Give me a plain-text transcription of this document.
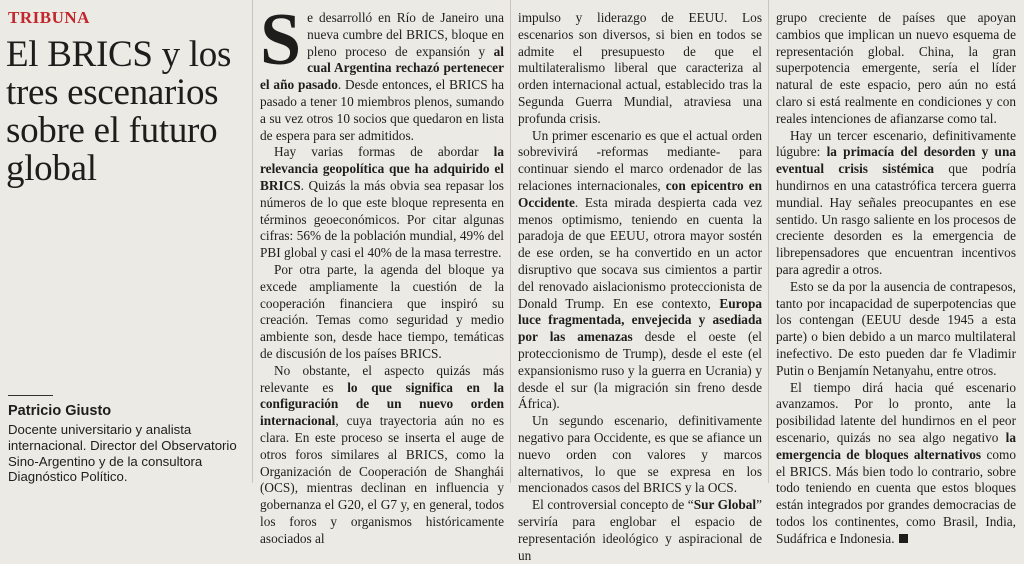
TRIBUNA
El BRICS y los tres escenarios sobre el futuro global
Patricio Giusto
Docente universitario y analista internacional. Director del Observatorio Sino-Argentino y de la consultora Diagnóstico Político.

Se desarrolló en Río de Janeiro una nueva cumbre del BRICS, bloque en pleno proceso de expansión y al cual Argentina rechazó pertenecer el año pasado. Desde entonces, el BRICS ha pasado a tener 10 miembros plenos, sumando a su vez otros 10 socios que quedaron en lista de espera para ser admitidos.

Hay varias formas de abordar la relevancia geopolítica que ha adquirido el BRICS. Quizás la más obvia sea repasar los números de lo que este bloque representa en términos geoeconómicos. Por citar algunas cifras: 56% de la población mundial, 49% del PBI global y casi el 40% de la masa terrestre.

Por otra parte, la agenda del bloque ya excede ampliamente la cuestión de la cooperación financiera que inspiró su creación. Temas como seguridad y medio ambiente son, desde hace tiempo, temáticas de discusión de los países BRICS.

No obstante, el aspecto quizás más relevante es lo que significa en la configuración de un nuevo orden internacional, cuya trayectoria aún no es clara. En este proceso se inserta el auge de otros foros similares al BRICS, como la Organización de Cooperación de Shanghái (OCS), mientras declinan en influencia y gobernanza el G20, el G7 y, en general, todos los foros y organismos históricamente asociados al

impulso y liderazgo de EEUU. Los escenarios son diversos, si bien en todos se admite el presupuesto de que el multilateralismo liberal que caracteriza al orden internacional actual, establecido tras la Segunda Guerra Mundial, atraviesa una profunda crisis.

Un primer escenario es que el actual orden sobrevivirá -reformas mediante- para continuar siendo el marco ordenador de las relaciones internacionales, con epicentro en Occidente. Esta mirada despierta cada vez menos optimismo, teniendo en cuenta la paradoja de que EEUU, otrora mayor sostén de ese orden, se ha convertido en un actor disruptivo que socava sus cimientos a partir del renovado aislacionismo proteccionista de Donald Trump. En ese contexto, Europa luce fragmentada, envejecida y asediada por las amenazas desde el oeste (el proteccionismo de Trump), desde el este (el expansionismo ruso y la guerra en Ucrania) y desde el sur (la migración sin freno desde África).

Un segundo escenario, definitivamente negativo para Occidente, es que se afiance un nuevo orden con valores y marcos alternativos, lo que se expresa en los mencionados casos del BRICS y la OCS.

El controversial concepto de “Sur Global” serviría para englobar el espacio de representación ideológico y aspiracional de un

grupo creciente de países que apoyan cambios que implican un nuevo esquema de representación global. China, la gran superpotencia emergente, sería el líder natural de este espacio, pero aún no está claro si está realmente en condiciones y con reales intenciones de afianzarse como tal.

Hay un tercer escenario, definitivamente lúgubre: la primacía del desorden y una eventual crisis sistémica que podría hundirnos en una catastrófica tercera guerra mundial. Hay señales preocupantes en ese sentido. Un rasgo saliente en los procesos de creciente desorden es la emergencia de librepensadores que encuentran incentivos para agredir a otros.

Esto se da por la ausencia de contrapesos, tanto por incapacidad de superpotencias que los contengan (EEUU desde 1945 a esta parte) o bien debido a un marco multilateral inefectivo. De esto pueden dar fe Vladimir Putin o Benjamín Netanyahu, entre otros.

El tiempo dirá hacia qué escenario avanzamos. Por lo pronto, ante la posibilidad latente del hundirnos en el peor escenario, quizás no sea algo negativo la emergencia de bloques alternativos como el BRICS. Más bien todo lo contrario, sobre todo teniendo en cuenta que estos bloques están integrados por grandes democracias de todos los continentes, como Brasil, India, Sudáfrica e Indonesia.
